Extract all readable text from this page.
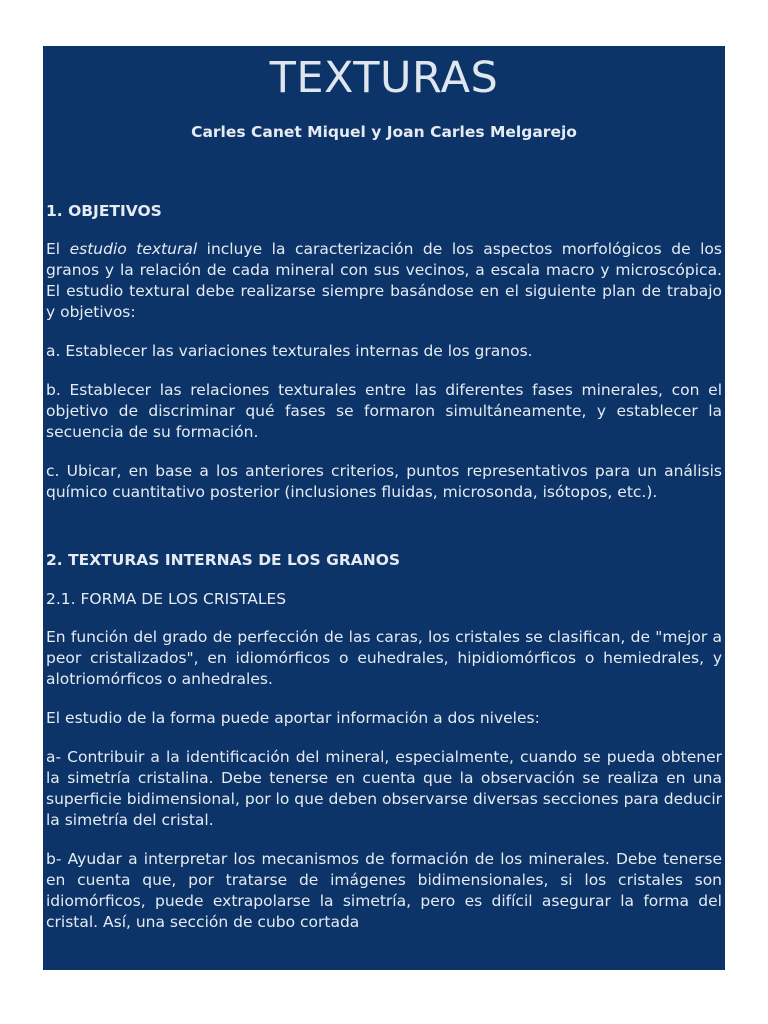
TEXTURAS
Carles Canet Miquel y Joan Carles Melgarejo
1. OBJETIVOS

El estudio textural incluye la caracterización de los aspectos morfológicos de los granos y la relación de cada mineral con sus vecinos, a escala macro y microscópica. El estudio textural debe realizarse siempre basándose en el siguiente plan de trabajo y objetivos:

a. Establecer las variaciones texturales internas de los granos.

b. Establecer las relaciones texturales entre las diferentes fases minerales, con el objetivo de discriminar qué fases se formaron simultáneamente, y establecer la secuencia de su formación.

c. Ubicar, en base a los anteriores criterios, puntos representativos para un análisis químico cuantitativo posterior (inclusiones fluidas, microsonda, isótopos, etc.).

2. TEXTURAS INTERNAS DE LOS GRANOS
2.1. FORMA DE LOS CRISTALES

En función del grado de perfección de las caras, los cristales se clasifican, de "mejor a peor cristalizados", en idiomórficos o euhedrales, hipidiomórficos o hemiedrales, y alotriomórficos o anhedrales.

El estudio de la forma puede aportar información a dos niveles:

a- Contribuir a la identificación del mineral, especialmente, cuando se pueda obtener la simetría cristalina. Debe tenerse en cuenta que la observación se realiza en una superficie bidimensional, por lo que deben observarse diversas secciones para deducir la simetría del cristal.

b- Ayudar a interpretar los mecanismos de formación de los minerales. Debe tenerse en cuenta que, por tratarse de imágenes bidimensionales, si los cristales son idiomórficos, puede extrapolarse la simetría, pero es difícil asegurar la forma del cristal. Así, una sección de cubo cortada
